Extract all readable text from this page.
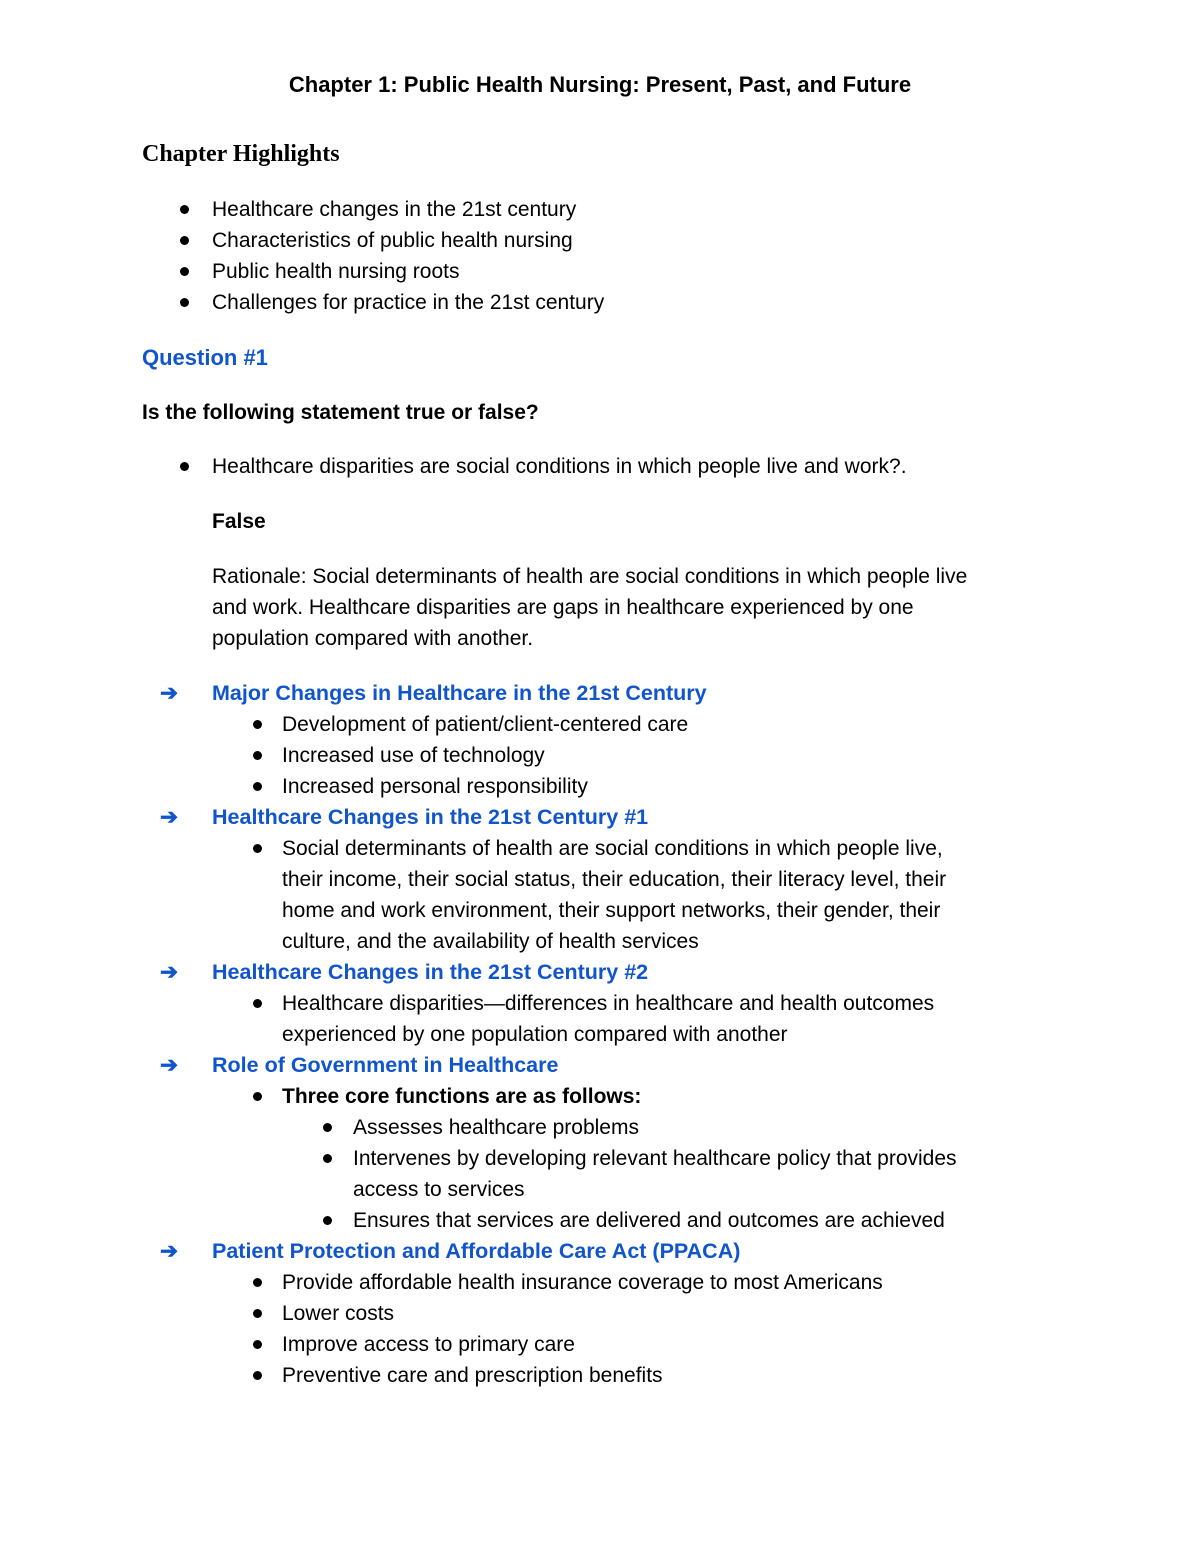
Chapter 1: Public Health Nursing: Present, Past, and Future
Chapter Highlights
Healthcare changes in the 21st century
Characteristics of public health nursing
Public health nursing roots
Challenges for practice in the 21st century
Question #1
Is the following statement true or false?
Healthcare disparities are social conditions in which people live and work?.
False
Rationale: Social determinants of health are social conditions in which people live
and work. Healthcare disparities are gaps in healthcare experienced by one
population compared with another.
➔ Major Changes in Healthcare in the 21st Century
Development of patient/client-centered care
Increased use of technology
Increased personal responsibility
➔ Healthcare Changes in the 21st Century #1
Social determinants of health are social conditions in which people live,
their income, their social status, their education, their literacy level, their
home and work environment, their support networks, their gender, their
culture, and the availability of health services
➔ Healthcare Changes in the 21st Century #2
Healthcare disparities—differences in healthcare and health outcomes
experienced by one population compared with another
➔ Role of Government in Healthcare
Three core functions are as follows:
Assesses healthcare problems
Intervenes by developing relevant healthcare policy that provides
access to services
Ensures that services are delivered and outcomes are achieved
➔ Patient Protection and Affordable Care Act (PPACA)
Provide affordable health insurance coverage to most Americans
Lower costs
Improve access to primary care
Preventive care and prescription benefits
